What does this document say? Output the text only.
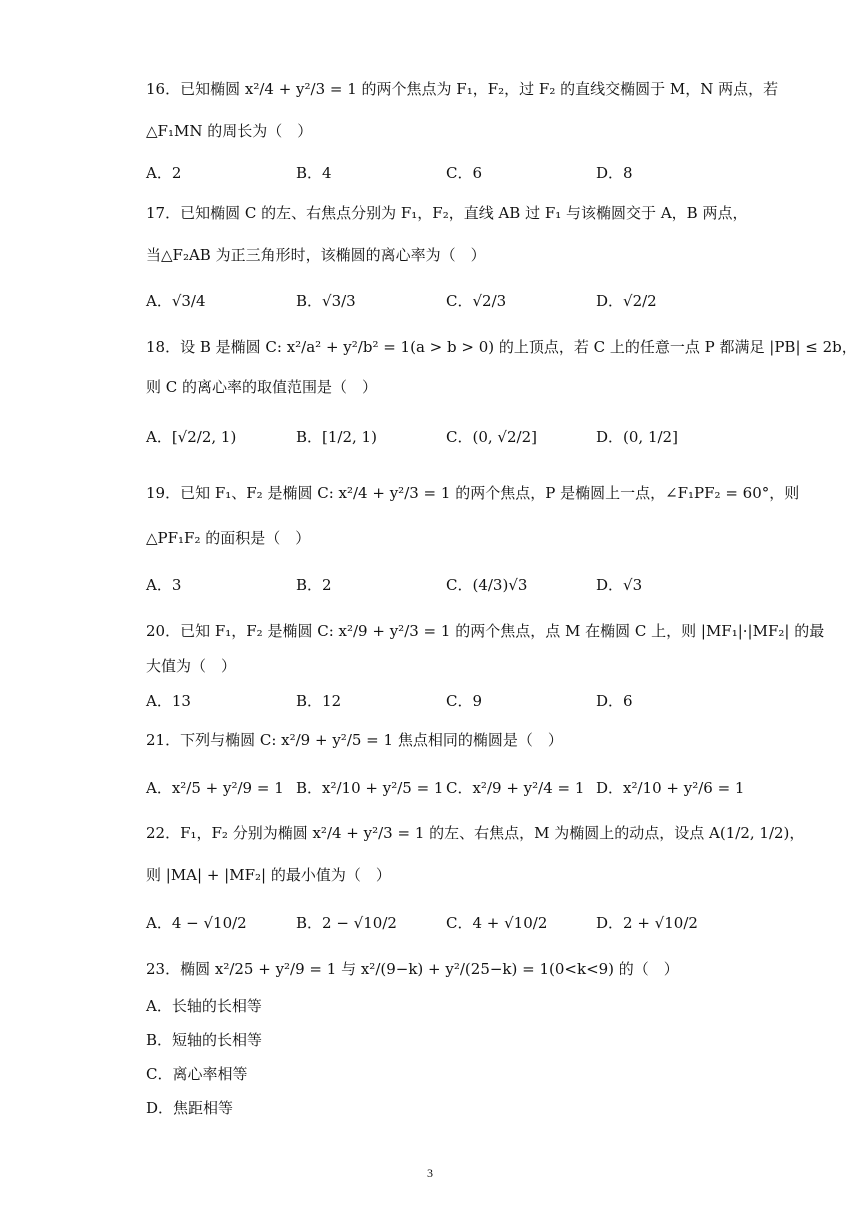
16．已知椭圆 x²/4 + y²/3 = 1 的两个焦点为 F₁，F₂，过 F₂ 的直线交椭圆于 M，N 两点，若
△F₁MN 的周长为（　）
A．2	B．4	C．6	D．8
17．已知椭圆 C 的左、右焦点分别为 F₁，F₂，直线 AB 过 F₁ 与该椭圆交于 A，B 两点，
当△F₂AB 为正三角形时，该椭圆的离心率为（　）
A．√3/4	B．√3/3	C．√2/3	D．√2/2
18．设 B 是椭圆 C: x²/a² + y²/b² = 1(a > b > 0) 的上顶点，若 C 上的任意一点 P 都满足 |PB| ≤ 2b，
则 C 的离心率的取值范围是（　）
A．[√2/2, 1)	B．[1/2, 1)	C．(0, √2/2]	D．(0, 1/2]
19．已知 F₁、F₂ 是椭圆 C: x²/4 + y²/3 = 1 的两个焦点，P 是椭圆上一点，∠F₁PF₂ = 60°，则
△PF₁F₂ 的面积是（　）
A．3	B．2	C．(4/3)√3	D．√3
20．已知 F₁，F₂ 是椭圆 C: x²/9 + y²/3 = 1 的两个焦点，点 M 在椭圆 C 上，则 |MF₁|·|MF₂| 的最
大值为（　）
A．13	B．12	C．9	D．6
21．下列与椭圆 C: x²/9 + y²/5 = 1 焦点相同的椭圆是（　）
A．x²/5 + y²/9 = 1 B．x²/10 + y²/5 = 1 C．x²/9 + y²/4 = 1 D．x²/10 + y²/6 = 1
22．F₁，F₂ 分别为椭圆 x²/4 + y²/3 = 1 的左、右焦点，M 为椭圆上的动点，设点 A(1/2, 1/2)，
则 |MA| + |MF₂| 的最小值为（　）
A．4 − √10/2	B．2 − √10/2	C．4 + √10/2	D．2 + √10/2
23．椭圆 x²/25 + y²/9 = 1 与 x²/(9−k) + y²/(25−k) = 1(0<k<9) 的（　）
A．长轴的长相等
B．短轴的长相等
C．离心率相等
D．焦距相等
3
